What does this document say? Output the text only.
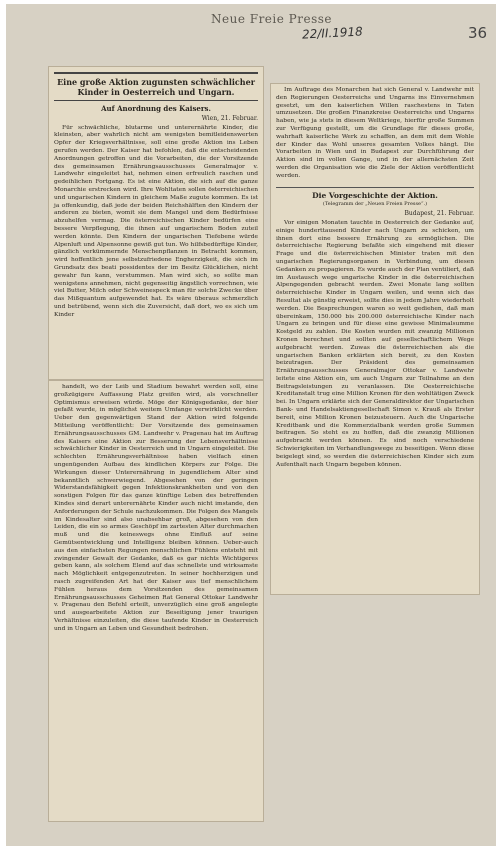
Neue Freie Presse
22/II.1918	36
Eine große Aktion zugunsten schwächlicher Kinder in Oesterreich und Ungarn.
Auf Anordnung des Kaisers.
Wien, 21. Februar.

Für schwächliche, blutarme und unterernährte Kinder, die kleinsten, aber wahrlich nicht am wenigsten bemitleidenswerten Opfer der Kriegsverhältnisse, soll eine große Aktion ins Leben gerufen werden. Der Kaiser hat befohlen, daß die entscheidenden Anordnungen getroffen und die Vorarbeiten, die der Vorsitzende des gemeinsamen Ernährungsausschusses Generalmajor v. Landwehr eingeleitet hat, nehmen einen erfreulich raschen und gedeihlichen Fortgang. Es ist eine Aktion, die sich auf die ganze Monarchie erstrecken wird. Ihre Wohltaten sollen österreichischen und ungarischen Kindern in gleichem Maße zugute kommen. Es ist ja offenkundig, daß jede der beiden Reichshälften den Kindern der anderen zu bieten, womit sie dem Mangel und dem Bedürfnisse abzuhelfen vermag. Die österreichischen Kinder bedürfen eine bessere Verpflegung, die ihnen auf ungarischem Boden zuteil werden könnte. Den Kindern der ungarischen Tiefebene würde Alpenluft und Alpensonne gewiß gut tun. Wo hilfsbedürftige Kinder, gänzlich verkümmernde Menschenpflanzen in Betracht kommen, wird hoffentlich jene selbstzufriedene Engherzigkeit, die sich im Grundsatz des beati possidentes der im Besitz Glücklichen, nicht gewahr fun kann, verstummen. Man wird sich, so sollte man wenigstens annehmen, nicht gegenseitig ängstlich vorrechnen, wie viel Butter, Milch oder Schweinespeck man für solche Zwecke über das Mißquantum aufgewendet hat. Es wäre überaus schmerzlich und betrübend, wenn sich die Zuversicht, daß dort, wo es sich um Kinder

handelt, wo der Leib und Stadium bewahrt werden soll, eine großzügigere Auffassung Platz greifen wird, als vorschneller Optimismus erweisen würde. Möge der Königsgedanke, der hier gefaßt wurde, in möglichst weitem Umfange verwirklicht werden. Ueber den gegenwärtigen Stand der Aktion wird folgende Mitteilung veröffentlicht: Der Vorsitzende des gemeinsamen Ernährungsausschusses GM. Landwehr v. Pragenau hat im Auftrag des Kaisers eine Aktion zur Besserung der Lebensverhältnisse schwächlicher Kinder in Oesterreich und in Ungarn eingeleitet. Die schlechten Ernährungsverhältnisse haben vielfach einen ungenügenden Aufbau des kindlichen Körpers zur Folge. Die Wirkungen dieser Unterernährung in jugendlichem Alter sind bekanntlich schwerwiegend. Abgesehen von der geringen Widerstandsfähigkeit gegen Infektionskrankheiten und von den sonstigen Folgen für das ganze künftige Leben des betreffenden Kindes sind derart unterernährte Kinder auch nicht imstande, den Anforderungen der Schule nachzukommen. Die Folgen des Mangels im Kindesalter sind also unabsehbar groß, abgesehen von den Leiden, die ein so armes Geschöpf im zartesten Alter durchmachen muß und die keineswegs ohne Einfluß auf seine Gemütsentwicklung und Intelligenz bleiben können. Ueber-auch aus den einfachsten Regungen menschlichen Fühlens entsteht mit zwingender Gewalt der Gedanke, daß es gar nichts Wichtigeres geben kann, als solchem Elend auf das schnellste und wirksamste nach Möglichkeit entgegenzutreten. In seiner hochherzigen und rasch zugreifenden Art hat der Kaiser aus tief menschlichem Fühlen heraus dem Vorsitzenden des gemeinsamen Ernährungsausschusses Geheimen Rat General Ottokar Landwehr v. Pragenau den Befehl erteilt, unverzüglich eine groß angelegte und ausgearbeitete Aktion zur Beseitigung jener traurigen Verhältnisse einzuleiten, die diese taufende Kinder in Oesterreich und in Ungarn an Leben und Gesundheit bedrohen.

Im Auftrage des Monarchen hat sich General v. Landwehr mit den Regierungen Oesterreichs und Ungarns ins Einvernehmen gesetzt, um den kaiserlichen Willen raschestens in Taten umzusetzen. Die großen Finanzkreise Oesterreichs und Ungarns haben, wie ja stets in diesem Weltkriege, hierfür große Summen zur Verfügung gestellt, um die Grundlage für dieses große, wahrhaft kaiserliche Werk zu schaffen, an dem mit dem Wohle der Kinder das Wohl unseres gesamten Volkes hängt. Die Vorarbeiten in Wien und in Budapest zur Durchführung der Aktion sind im vollen Gange, und in der allernächsten Zeit werden die Organisation wie die Ziele der Aktion veröffentlicht werden.

Die Vorgeschichte der Aktion.
(Telegramm der „Neuen Freien Presse“.)
Budapest, 21. Februar.

Vor einigen Monaten tauchte in Oesterreich der Gedanke auf, einige hunderttausend Kinder nach Ungarn zu schicken, um ihnen dort eine bessere Ernährung zu ermöglichen. Die österreichische Regierung befaßte sich eingehend mit dieser Frage und die österreichischen Minister traten mit den ungarischen Regierungsorganen in Verbindung, um diesen Gedanken zu propagieren. Es wurde auch der Plan ventiliert, daß im Austausch wege ungarische Kinder in die österreichischen Alpengegenden gebracht werden. Zwei Monate lang sollten österreichische Kinder in Ungarn weilen, und wenn sich das Resultat als günstig erweist, sollte dies in jedem Jahre wiederholt werden. Die Besprechungen waren so weit gediehen, daß man übereinkam, 150.000 bis 200.000 österreichische Kinder nach Ungarn zu bringen und für diese eine gewisse Minimalsumme Kostgeld zu zahlen. Die Kosten wurden mit zwanzig Millionen Kronen berechnet und sollten auf gesellschaftlichem Wege aufgebracht werden. Zuwas die österreichischen als die ungarischen Banken erklärten sich bereit, zu den Kosten beizutragen. Der Präsident des gemeinsamen Ernährungsausschusses Generalmajor Ottokar v. Landwehr leitete eine Aktion ein, um auch Ungarn zur Teilnahme an den Beitragsleistungen zu veranlassen. Die Oesterreichische Kreditanstalt trug eine Million Kronen für den wohltätigen Zweck bei. In Ungarn erklärte sich der Generaldirektor der Ungarischen Bank- und Handelsaktiengesellschaft Simon v. Krauß als Erster bereit, eine Million Kronen beizusteuern. Auch die Ungarische Kreditbank und die Kommerzialbank werden große Summen beitragen. So steht es zu hoffen, daß die zwanzig Millionen aufgebracht werden können. Es sind noch verschiedene Schwierigkeiten im Verhandlungswege zu beseitigen. Wenn diese beigelegt sind, so werden die österreichischen Kinder sich zum Aufenthalt nach Ungarn begeben können.
